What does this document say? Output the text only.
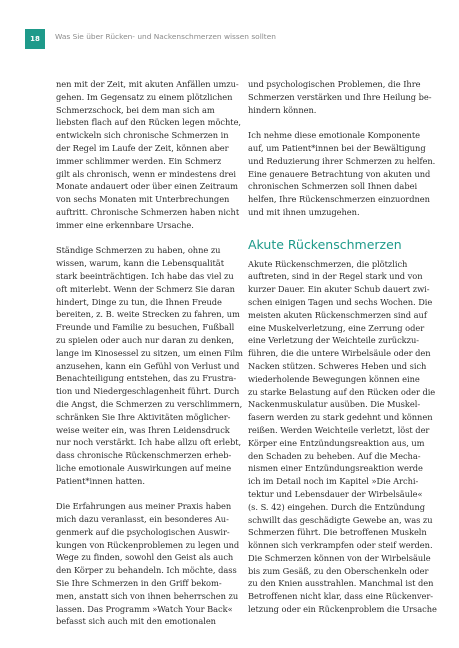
18	Was Sie über Rücken- und Nackenschmerzen wissen sollten
nen mit der Zeit, mit akuten Anfällen umzu-
gehen. Im Gegensatz zu einem plötzlichen
Schmerzschock, bei dem man sich am
liebsten flach auf den Rücken legen möchte,
entwickeln sich chronische Schmerzen in
der Regel im Laufe der Zeit, können aber
immer schlimmer werden. Ein Schmerz
gilt als chronisch, wenn er mindestens drei
Monate andauert oder über einen Zeitraum
von sechs Monaten mit Unterbrechungen
auftritt. Chronische Schmerzen haben nicht
immer eine erkennbare Ursache.
Ständige Schmerzen zu haben, ohne zu
wissen, warum, kann die Lebensqualität
stark beeinträchtigen. Ich habe das viel zu
oft miterlebt. Wenn der Schmerz Sie daran
hindert, Dinge zu tun, die Ihnen Freude
bereiten, z. B. weite Strecken zu fahren, um
Freunde und Familie zu besuchen, Fußball
zu spielen oder auch nur daran zu denken,
lange im Kinosessel zu sitzen, um einen Film
anzusehen, kann ein Gefühl von Verlust und
Benachteiligung entstehen, das zu Frustra-
tion und Niedergeschlagenheit führt. Durch
die Angst, die Schmerzen zu verschlimmern,
schränken Sie Ihre Aktivitäten möglicher-
weise weiter ein, was Ihren Leidensdruck
nur noch verstärkt. Ich habe allzu oft erlebt,
dass chronische Rückenschmerzen erheb-
liche emotionale Auswirkungen auf meine
Patient*innen hatten.
Die Erfahrungen aus meiner Praxis haben
mich dazu veranlasst, ein besonderes Au-
genmerk auf die psychologischen Auswir-
kungen von Rückenproblemen zu legen und
Wege zu finden, sowohl den Geist als auch
den Körper zu behandeln. Ich möchte, dass
Sie Ihre Schmerzen in den Griff bekom-
men, anstatt sich von ihnen beherrschen zu
lassen. Das Programm »Watch Your Back«
befasst sich auch mit den emotionalen
und psychologischen Problemen, die Ihre
Schmerzen verstärken und Ihre Heilung be-
hindern können.
Ich nehme diese emotionale Komponente
auf, um Patient*innen bei der Bewältigung
und Reduzierung ihrer Schmerzen zu helfen.
Eine genauere Betrachtung von akuten und
chronischen Schmerzen soll Ihnen dabei
helfen, Ihre Rückenschmerzen einzuordnen
und mit ihnen umzugehen.
Akute Rückenschmerzen
Akute Rückenschmerzen, die plötzlich
auftreten, sind in der Regel stark und von
kurzer Dauer. Ein akuter Schub dauert zwi-
schen einigen Tagen und sechs Wochen. Die
meisten akuten Rückenschmerzen sind auf
eine Muskelverletzung, eine Zerrung oder
eine Verletzung der Weichteile zurückzu-
führen, die die untere Wirbelsäule oder den
Nacken stützen. Schweres Heben und sich
wiederholende Bewegungen können eine
zu starke Belastung auf den Rücken oder die
Nackenmuskulatur ausüben. Die Muskel-
fasern werden zu stark gedehnt und können
reißen. Werden Weichteile verletzt, löst der
Körper eine Entzündungsreaktion aus, um
den Schaden zu beheben. Auf die Mecha-
nismen einer Entzündungsreaktion werde
ich im Detail noch im Kapitel »Die Archi-
tektur und Lebensdauer der Wirbelsäule«
(s. S. 42) eingehen. Durch die Entzündung
schwillt das geschädigte Gewebe an, was zu
Schmerzen führt. Die betroffenen Muskeln
können sich verkrampfen oder steif werden.
Die Schmerzen können von der Wirbelsäule
bis zum Gesäß, zu den Oberschenkeln oder
zu den Knien ausstrahlen. Manchmal ist den
Betroffenen nicht klar, dass eine Rückenver-
letzung oder ein Rückenproblem die Ursache
